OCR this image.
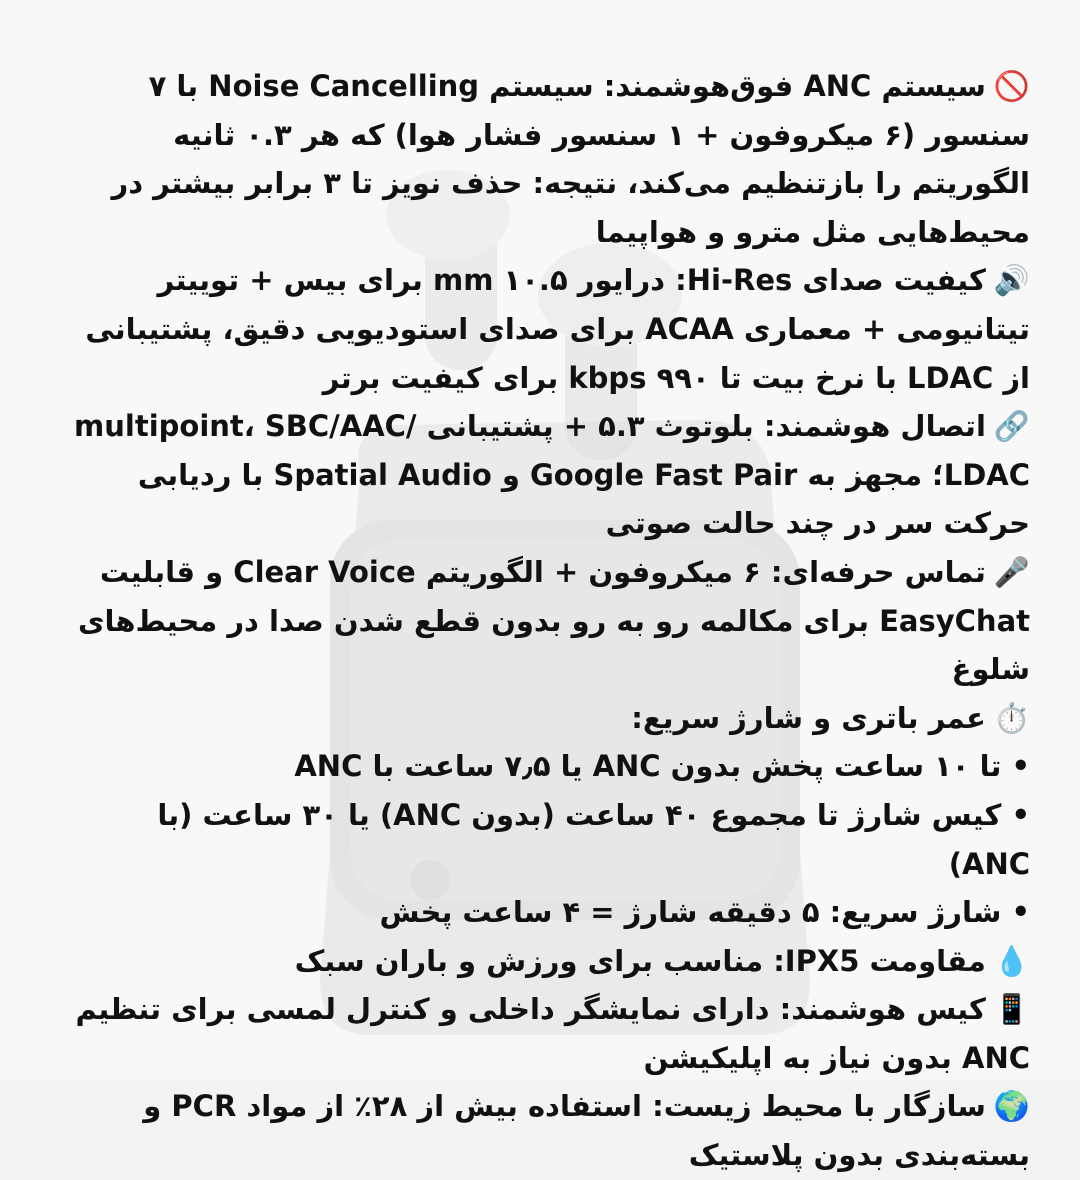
🚫سیستم ANC فوق‌هوشمند: سیستم Noise Cancelling با ۷ سنسور (۶ میکروفون + ۱ سنسور فشار هوا) که هر ۰.۳ ثانیه الگوریتم را بازتنظیم می‌کند، نتیجه: حذف نویز تا ۳ برابر بیشتر در محیط‌هایی مثل مترو و هواپیما

🔊کیفیت صدای Hi-Res: درایور ۱۰.۵ mm برای بیس + توییتر تیتانیومی + معماری ACAA برای صدای استودیویی دقیق، پشتیبانی از LDAC با نرخ بیت تا ۹۹۰ kbps برای کیفیت برتر

🔗اتصال هوشمند: بلوتوث ۵.۳ + پشتیبانی multipoint، SBC/AAC/ LDAC؛ مجهز به Google Fast Pair و Spatial Audio با ردیابی حرکت سر در چند حالت صوتی

🎤تماس حرفه‌ای: ۶ میکروفون + الگوریتم Clear Voice و قابلیت EasyChat برای مکالمه رو به رو بدون قطع شدن صدا در محیط‌های شلوغ

⏱️عمر باتری و شارژ سریع:

• تا ۱۰ ساعت پخش بدون ANC یا ۷٫۵ ساعت با ANC

• کیس شارژ تا مجموع ۴۰ ساعت (بدون ANC) یا ۳۰ ساعت (با ANC)

• شارژ سریع: ۵ دقیقه شارژ = ۴ ساعت پخش

💧مقاومت IPX5: مناسب برای ورزش و باران سبک

📱کیس هوشمند: دارای نمایشگر داخلی و کنترل لمسی برای تنظیم ANC بدون نیاز به اپلیکیشن

🌍سازگار با محیط زیست: استفاده بیش از ۲۸٪ از مواد PCR و بسته‌بندی بدون پلاستیک
